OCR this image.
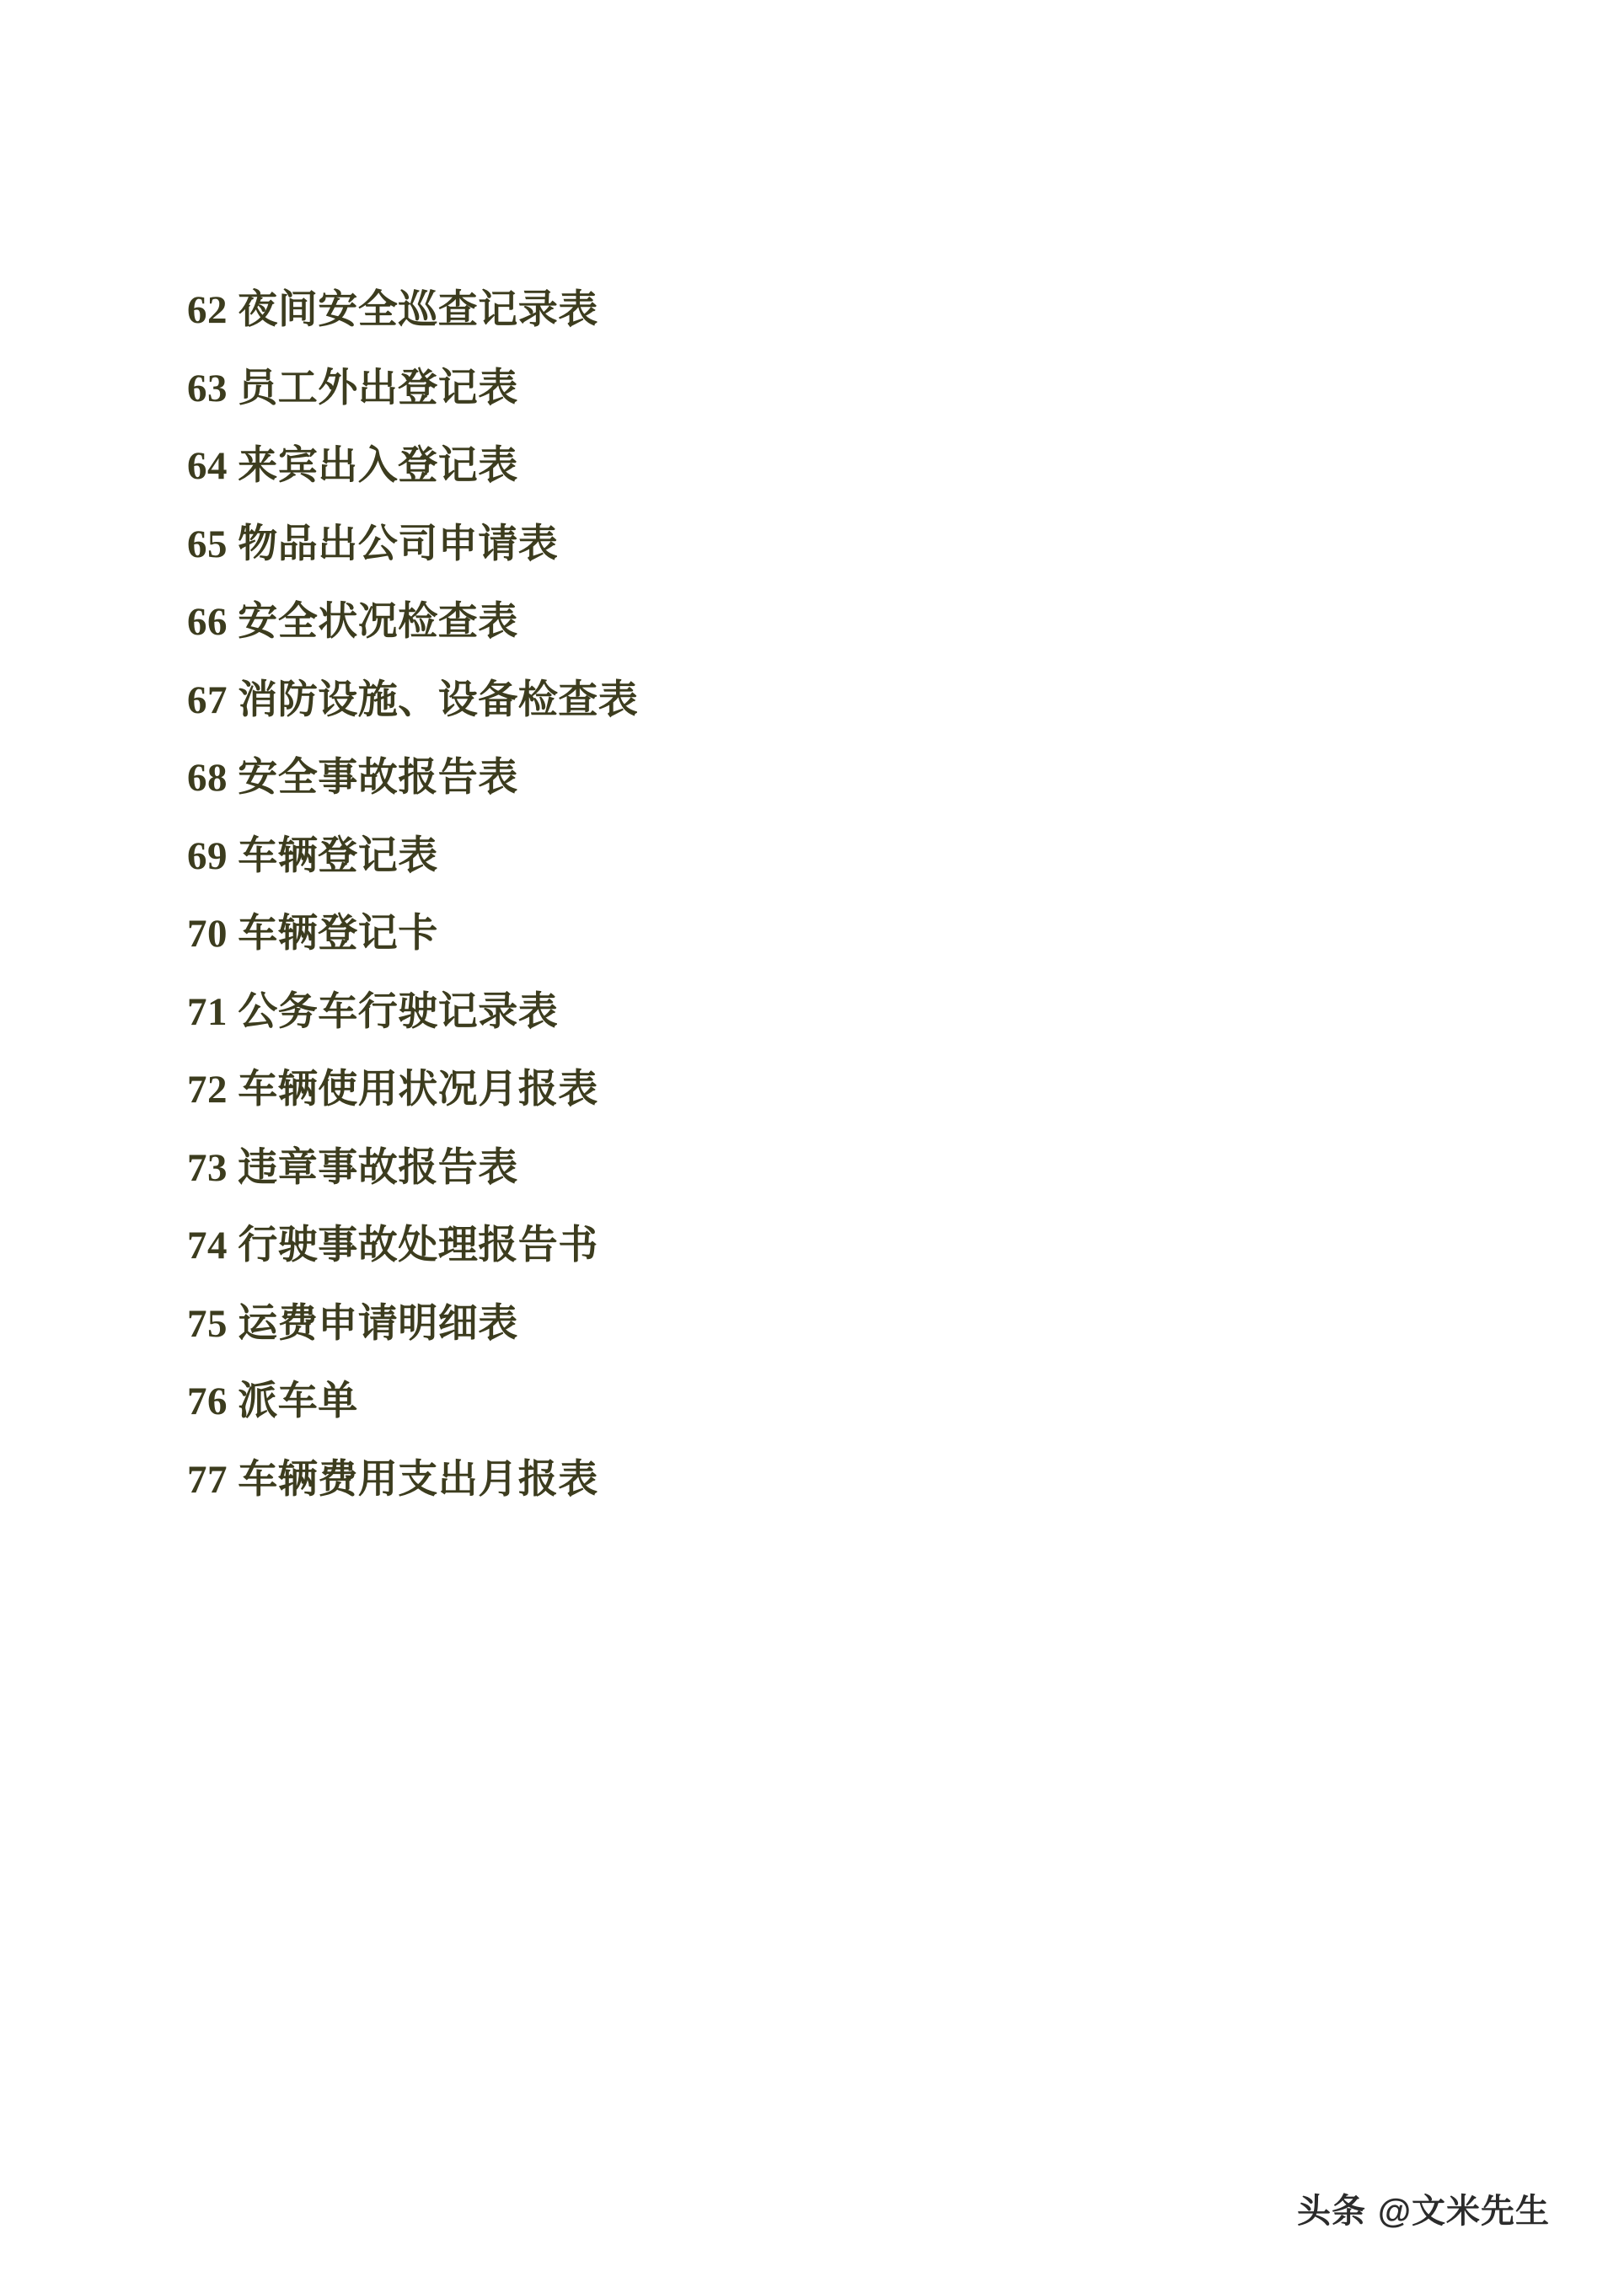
62 夜间安全巡查记录表

63 员工外出登记表

64 来宾出入登记表

65 物品出公司申请表

66 安全状况检查表

67 消防设施、设备检查表

68 安全事故报告表

69 车辆登记表

70 车辆登记卡

71 公务车行驶记录表

72 车辆使用状况月报表

73 违章事故报告表

74 行驶事故处理报告书

75 运费申请明细表

76 派车单

77 车辆费用支出月报表

头条 @文米先生
